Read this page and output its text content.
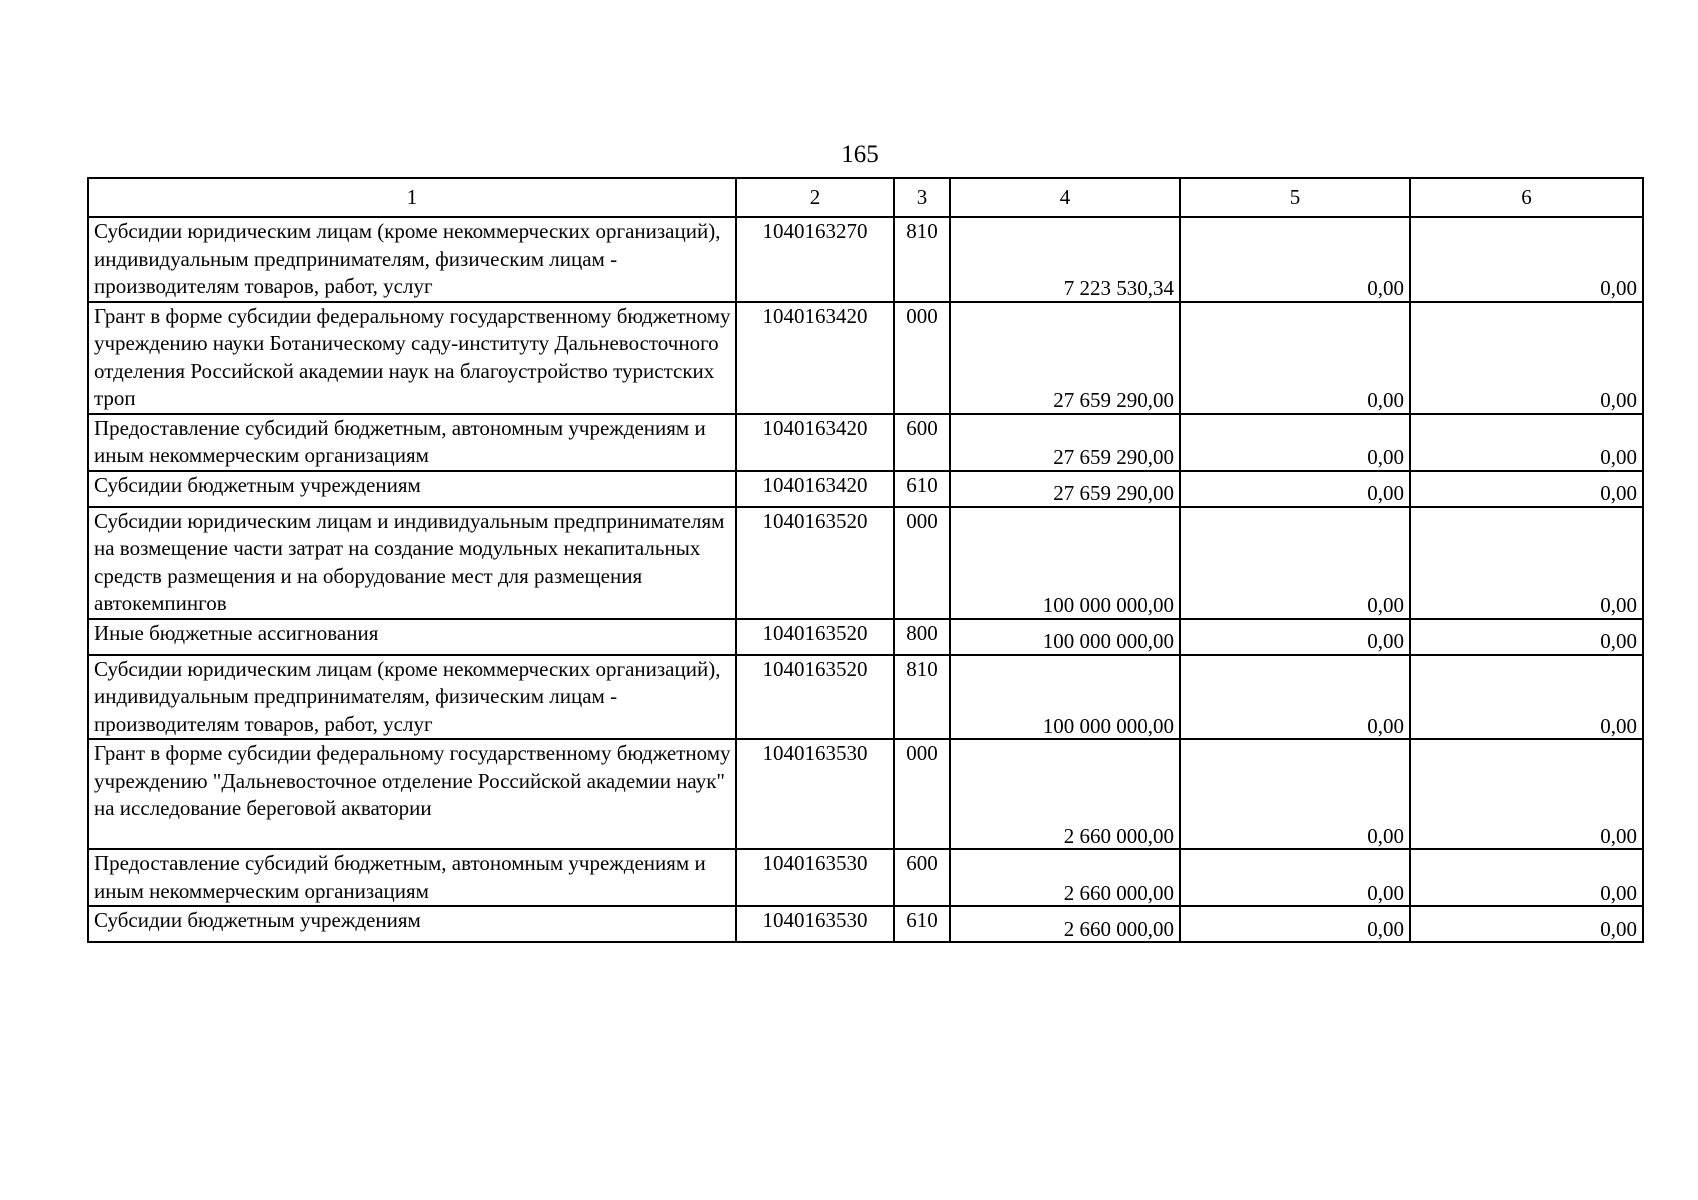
165
1	2	3	4	5	6
Субсидии юридическим лицам (кроме некоммерческих организаций), индивидуальным предпринимателям, физическим лицам - производителям товаров, работ, услуг	1040163270	810	7 223 530,34	0,00	0,00
Грант в форме субсидии федеральному государственному бюджетному учреждению науки Ботаническому саду-институту Дальневосточного отделения Российской академии наук на благоустройство туристских троп	1040163420	000	27 659 290,00	0,00	0,00
Предоставление субсидий бюджетным, автономным учреждениям и иным некоммерческим организациям	1040163420	600	27 659 290,00	0,00	0,00
Субсидии бюджетным учреждениям	1040163420	610	27 659 290,00	0,00	0,00
Субсидии юридическим лицам и индивидуальным предпринимателям на возмещение части затрат на создание модульных некапитальных средств размещения и на оборудование мест для размещения автокемпингов	1040163520	000	100 000 000,00	0,00	0,00
Иные бюджетные ассигнования	1040163520	800	100 000 000,00	0,00	0,00
Субсидии юридическим лицам (кроме некоммерческих организаций), индивидуальным предпринимателям, физическим лицам - производителям товаров, работ, услуг	1040163520	810	100 000 000,00	0,00	0,00
Грант в форме субсидии федеральному государственному бюджетному учреждению "Дальневосточное отделение Российской академии наук" на исследование береговой акватории	1040163530	000	2 660 000,00	0,00	0,00
Предоставление субсидий бюджетным, автономным учреждениям и иным некоммерческим организациям	1040163530	600	2 660 000,00	0,00	0,00
Субсидии бюджетным учреждениям	1040163530	610	2 660 000,00	0,00	0,00
